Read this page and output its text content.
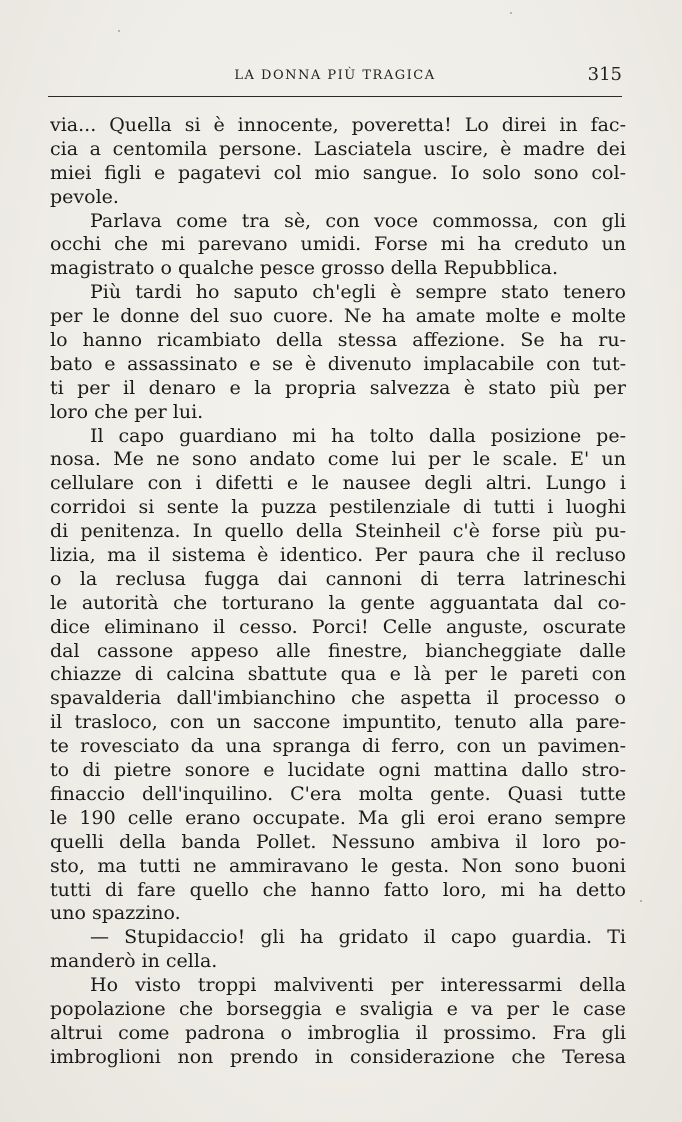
LA DONNA PIÙ TRAGICA	315
via... Quella si è innocente, poveretta! Lo direi in fac-
cia a centomila persone. Lasciatela uscire, è madre dei
miei figli e pagatevi col mio sangue. Io solo sono col-
pevole.
Parlava come tra sè, con voce commossa, con gli
occhi che mi parevano umidi. Forse mi ha creduto un
magistrato o qualche pesce grosso della Repubblica.
Più tardi ho saputo ch'egli è sempre stato tenero
per le donne del suo cuore. Ne ha amate molte e molte
lo hanno ricambiato della stessa affezione. Se ha ru-
bato e assassinato e se è divenuto implacabile con tut-
ti per il denaro e la propria salvezza è stato più per
loro che per lui.
Il capo guardiano mi ha tolto dalla posizione pe-
nosa. Me ne sono andato come lui per le scale. E' un
cellulare con i difetti e le nausee degli altri. Lungo i
corridoi si sente la puzza pestilenziale di tutti i luoghi
di penitenza. In quello della Steinheil c'è forse più pu-
lizia, ma il sistema è identico. Per paura che il recluso
o la reclusa fugga dai cannoni di terra latrineschi
le autorità che torturano la gente agguantata dal co-
dice eliminano il cesso. Porci! Celle anguste, oscurate
dal cassone appeso alle finestre, biancheggiate dalle
chiazze di calcina sbattute qua e là per le pareti con
spavalderia dall'imbianchino che aspetta il processo o
il trasloco, con un saccone impuntito, tenuto alla pare-
te rovesciato da una spranga di ferro, con un pavimen-
to di pietre sonore e lucidate ogni mattina dallo stro-
finaccio dell'inquilino. C'era molta gente. Quasi tutte
le 190 celle erano occupate. Ma gli eroi erano sempre
quelli della banda Pollet. Nessuno ambiva il loro po-
sto, ma tutti ne ammiravano le gesta. Non sono buoni
tutti di fare quello che hanno fatto loro, mi ha detto
uno spazzino.
— Stupidaccio! gli ha gridato il capo guardia. Ti
manderò in cella.
Ho visto troppi malviventi per interessarmi della
popolazione che borseggia e svaligia e va per le case
altrui come padrona o imbroglia il prossimo. Fra gli
imbroglioni non prendo in considerazione che Teresa
